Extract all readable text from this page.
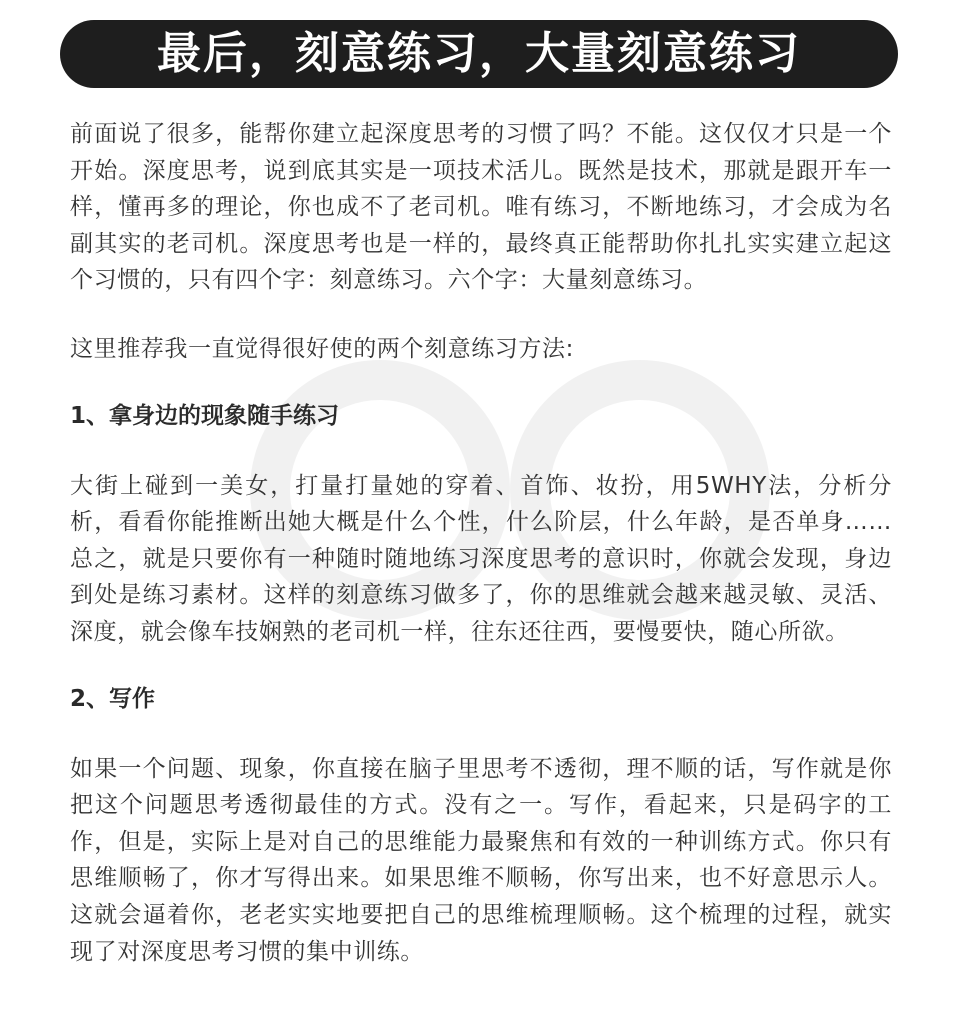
最后，刻意练习，大量刻意练习

前面说了很多，能帮你建立起深度思考的习惯了吗？不能。这仅仅才只是一个开始。深度思考，说到底其实是一项技术活儿。既然是技术，那就是跟开车一样，懂再多的理论，你也成不了老司机。唯有练习，不断地练习，才会成为名副其实的老司机。深度思考也是一样的，最终真正能帮助你扎扎实实建立起这个习惯的，只有四个字：刻意练习。六个字：大量刻意练习。

这里推荐我一直觉得很好使的两个刻意练习方法:

1、拿身边的现象随手练习

大街上碰到一美女，打量打量她的穿着、首饰、妆扮，用5WHY法，分析分析，看看你能推断出她大概是什么个性，什么阶层，什么年龄，是否单身……总之，就是只要你有一种随时随地练习深度思考的意识时，你就会发现，身边到处是练习素材。这样的刻意练习做多了，你的思维就会越来越灵敏、灵活、深度，就会像车技娴熟的老司机一样，往东还往西，要慢要快，随心所欲。

2、写作

如果一个问题、现象，你直接在脑子里思考不透彻，理不顺的话，写作就是你把这个问题思考透彻最佳的方式。没有之一。写作，看起来，只是码字的工作，但是，实际上是对自己的思维能力最聚焦和有效的一种训练方式。你只有思维顺畅了，你才写得出来。如果思维不顺畅，你写出来，也不好意思示人。这就会逼着你，老老实实地要把自己的思维梳理顺畅。这个梳理的过程，就实现了对深度思考习惯的集中训练。
